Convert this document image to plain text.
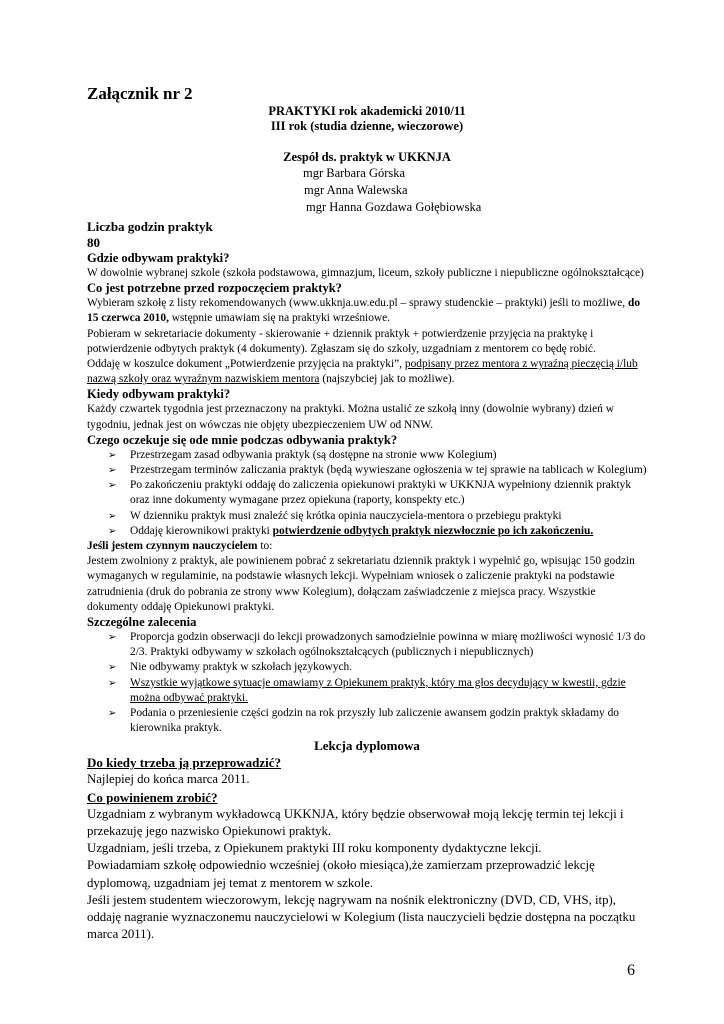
Załącznik nr 2
PRAKTYKI rok akademicki 2010/11
III rok (studia dzienne, wieczorowe)
Zespół ds. praktyk w UKKNJA
mgr Barbara Górska
mgr Anna Walewska
mgr Hanna Gozdawa Gołębiowska
Liczba godzin praktyk
80
Gdzie odbywam praktyki?

W dowolnie wybranej szkole (szkoła podstawowa, gimnazjum, liceum, szkoły publiczne i niepubliczne ogólnokształcące)

Co jest potrzebne przed rozpoczęciem praktyk?

Wybieram szkołę z listy rekomendowanych (www.ukknja.uw.edu.pl – sprawy studenckie – praktyki) jeśli to możliwe, do 15 czerwca 2010, wstępnie umawiam się na praktyki wrześniowe.

Pobieram w sekretariacie dokumenty - skierowanie + dziennik praktyk + potwierdzenie przyjęcia na praktykę i potwierdzenie odbytych praktyk (4 dokumenty). Zgłaszam się do szkoły, uzgadniam z mentorem co będę robić.

Oddaję w koszulce dokument „Potwierdzenie przyjęcia na praktyki”, podpisany przez mentora z wyraźną pieczęcią i/lub nazwą szkoły oraz wyraźnym nazwiskiem mentora (najszybciej jak to możliwe).

Kiedy odbywam praktyki?

Każdy czwartek tygodnia jest przeznaczony na praktyki. Można ustalić ze szkołą inny (dowolnie wybrany) dzień w tygodniu, jednak jest on wówczas nie objęty ubezpieczeniem UW od NNW.

Czego oczekuje się ode mnie podczas odbywania praktyk?
➢ Przestrzegam zasad odbywania praktyk (są dostępne na stronie www Kolegium)
➢ Przestrzegam terminów zaliczania praktyk (będą wywieszane ogłoszenia w tej sprawie na tablicach w Kolegium)
➢ Po zakończeniu praktyki oddaję do zaliczenia opiekunowi praktyki w UKKNJA wypełniony dziennik praktyk oraz inne dokumenty wymagane przez opiekuna (raporty, konspekty etc.)
➢ W dzienniku praktyk musi znaleźć się krótka opinia nauczyciela-mentora o przebiegu praktyki
➢ Oddaję kierownikowi praktyki potwierdzenie odbytych praktyk niezwłocznie po ich zakończeniu.

Jeśli jestem czynnym nauczycielem to:

Jestem zwolniony z praktyk, ale powinienem pobrać z sekretariatu dziennik praktyk i wypełnić go, wpisując 150 godzin wymaganych w regulaminie, na podstawie własnych lekcji. Wypełniam wniosek o zaliczenie praktyki na podstawie zatrudnienia (druk do pobrania ze strony www Kolegium), dołączam zaświadczenie z miejsca pracy. Wszystkie dokumenty oddaję Opiekunowi praktyki.

Szczególne zalecenia
➢ Proporcja godzin obserwacji do lekcji prowadzonych samodzielnie powinna w miarę możliwości wynosić 1/3 do 2/3. Praktyki odbywamy w szkołach ogólnokształcących (publicznych i niepublicznych)
➢ Nie odbywamy praktyk w szkołach językowych.
➢ Wszystkie wyjątkowe sytuacje omawiamy z Opiekunem praktyk, który ma głos decydujący w kwestii, gdzie można odbywać praktyki.
➢ Podania o przeniesienie części godzin na rok przyszły lub zaliczenie awansem godzin praktyk składamy do kierownika praktyk.
Lekcja dyplomowa

Do kiedy trzeba ją przeprowadzić?

Najlepiej do końca marca 2011.

Co powinienem zrobić?

Uzgadniam z wybranym wykładowcą UKKNJA, który będzie obserwował moją lekcję termin tej lekcji i przekazuję jego nazwisko Opiekunowi praktyk.

Uzgadniam, jeśli trzeba, z Opiekunem praktyki III roku komponenty dydaktyczne lekcji.

Powiadamiam szkołę odpowiednio wcześniej (około miesiąca),że zamierzam przeprowadzić lekcję dyplomową, uzgadniam jej temat z mentorem w szkole.

Jeśli jestem studentem wieczorowym, lekcję nagrywam na nośnik elektroniczny (DVD, CD, VHS, itp), oddaję nagranie wyznaczonemu nauczycielowi w Kolegium (lista nauczycieli będzie dostępna na początku marca 2011).

6
